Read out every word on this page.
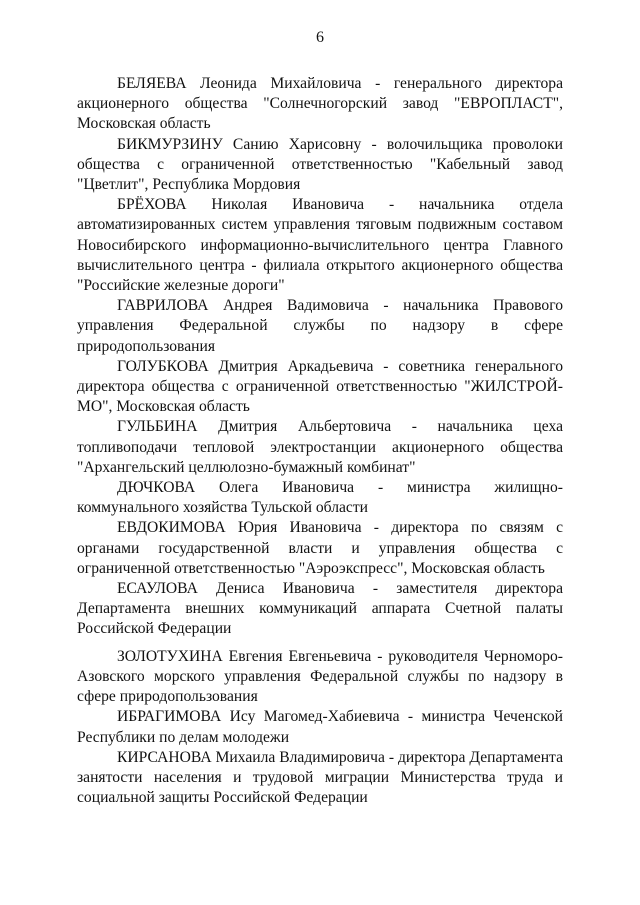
6

БЕЛЯЕВА Леонида Михайловича - генерального директора акционерного общества "Солнечногорский завод "ЕВРОПЛАСТ", Московская область

БИКМУРЗИНУ Санию Харисовну - волочильщика проволоки общества с ограниченной ответственностью "Кабельный завод "Цветлит", Республика Мордовия

БРЁХОВА Николая Ивановича - начальника отдела автоматизированных систем управления тяговым подвижным составом Новосибирского информационно-вычислительного центра Главного вычислительного центра - филиала открытого акционерного общества "Российские железные дороги"

ГАВРИЛОВА Андрея Вадимовича - начальника Правового управления Федеральной службы по надзору в сфере природопользования

ГОЛУБКОВА Дмитрия Аркадьевича - советника генерального директора общества с ограниченной ответственностью "ЖИЛСТРОЙ-МО", Московская область

ГУЛЬБИНА Дмитрия Альбертовича - начальника цеха топливоподачи тепловой электростанции акционерного общества "Архангельский целлюлозно-бумажный комбинат"

ДЮЧКОВА Олега Ивановича - министра жилищно-коммунального хозяйства Тульской области

ЕВДОКИМОВА Юрия Ивановича - директора по связям с органами государственной власти и управления общества с ограниченной ответственностью "Аэроэкспресс", Московская область

ЕСАУЛОВА Дениса Ивановича - заместителя директора Департамента внешних коммуникаций аппарата Счетной палаты Российской Федерации

ЗОЛОТУХИНА Евгения Евгеньевича - руководителя Черноморо-Азовского морского управления Федеральной службы по надзору в сфере природопользования

ИБРАГИМОВА Ису Магомед-Хабиевича - министра Чеченской Республики по делам молодежи

КИРСАНОВА Михаила Владимировича - директора Департамента занятости населения и трудовой миграции Министерства труда и социальной защиты Российской Федерации
